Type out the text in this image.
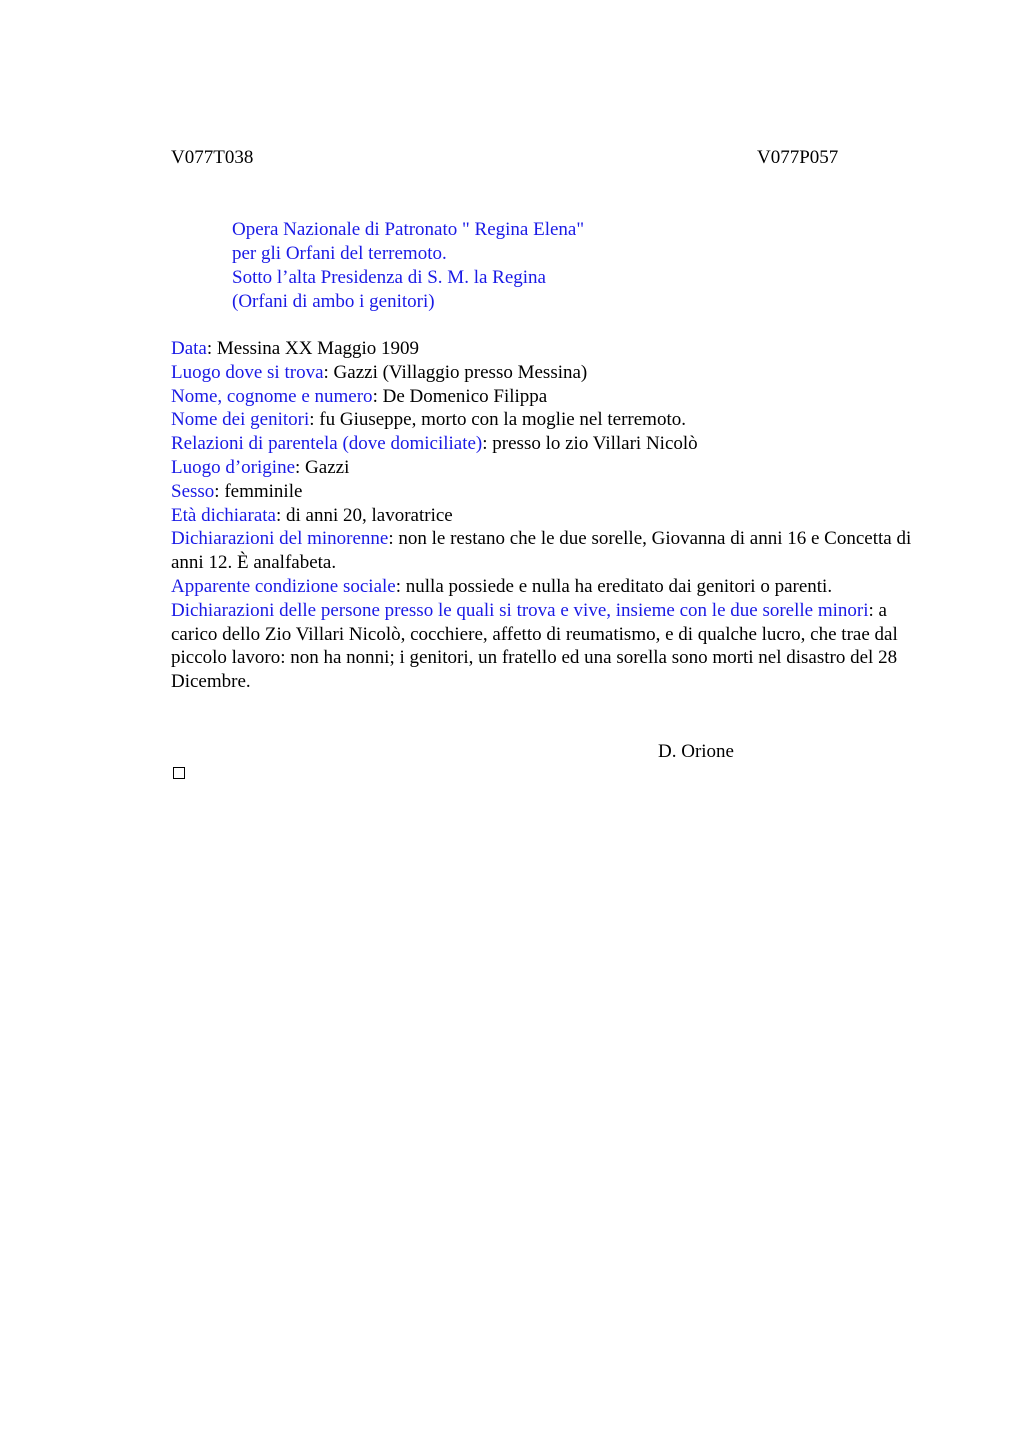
V077T038	V077P057
Opera Nazionale di Patronato " Regina Elena"
per gli Orfani del terremoto.
Sotto l’alta Presidenza di S. M. la Regina
(Orfani di ambo i genitori)

Data: Messina XX Maggio 1909

Luogo dove si trova: Gazzi (Villaggio presso Messina)

Nome, cognome e numero: De Domenico Filippa

Nome dei genitori: fu Giuseppe, morto con la moglie nel terremoto.

Relazioni di parentela (dove domiciliate): presso lo zio Villari Nicolò

Luogo d’origine: Gazzi

Sesso: femminile

Età dichiarata: di anni 20, lavoratrice

Dichiarazioni del minorenne: non le restano che le due sorelle, Giovanna di anni 16 e Concetta di anni 12. È analfabeta.

Apparente condizione sociale: nulla possiede e nulla ha ereditato dai genitori o parenti.

Dichiarazioni delle persone presso le quali si trova e vive, insieme con le due sorelle minori: a carico dello Zio Villari Nicolò, cocchiere, affetto di reumatismo, e di qualche lucro, che trae dal piccolo lavoro: non ha nonni; i genitori, un fratello ed una sorella sono morti nel disastro del 28 Dicembre.

D. Orione
